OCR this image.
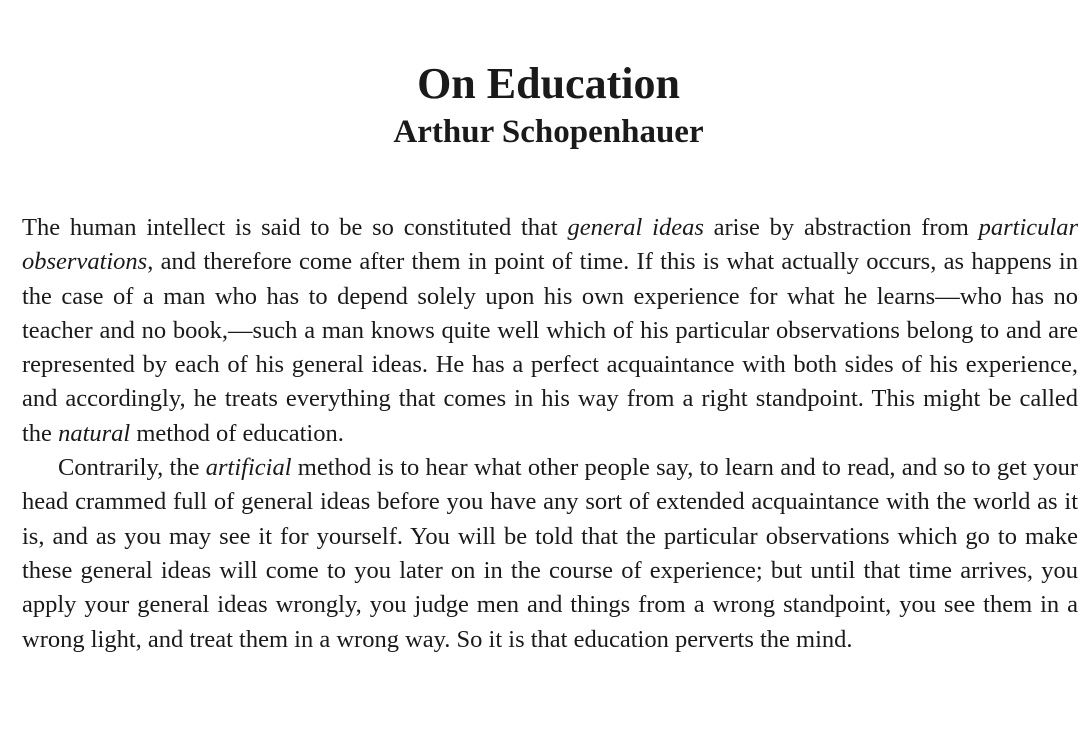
On Education
Arthur Schopenhauer

The human intellect is said to be so constituted that general ideas arise by abstraction from particular observations, and therefore come after them in point of time. If this is what actually occurs, as happens in the case of a man who has to depend solely upon his own experience for what he learns—who has no teacher and no book,—such a man knows quite well which of his particular observations belong to and are represented by each of his general ideas. He has a perfect acquaintance with both sides of his experience, and accordingly, he treats everything that comes in his way from a right standpoint. This might be called the natural method of education.

Contrarily, the artificial method is to hear what other people say, to learn and to read, and so to get your head crammed full of general ideas before you have any sort of extended acquaintance with the world as it is, and as you may see it for yourself. You will be told that the particular observations which go to make these general ideas will come to you later on in the course of experience; but until that time arrives, you apply your general ideas wrongly, you judge men and things from a wrong standpoint, you see them in a wrong light, and treat them in a wrong way. So it is that education perverts the mind.
